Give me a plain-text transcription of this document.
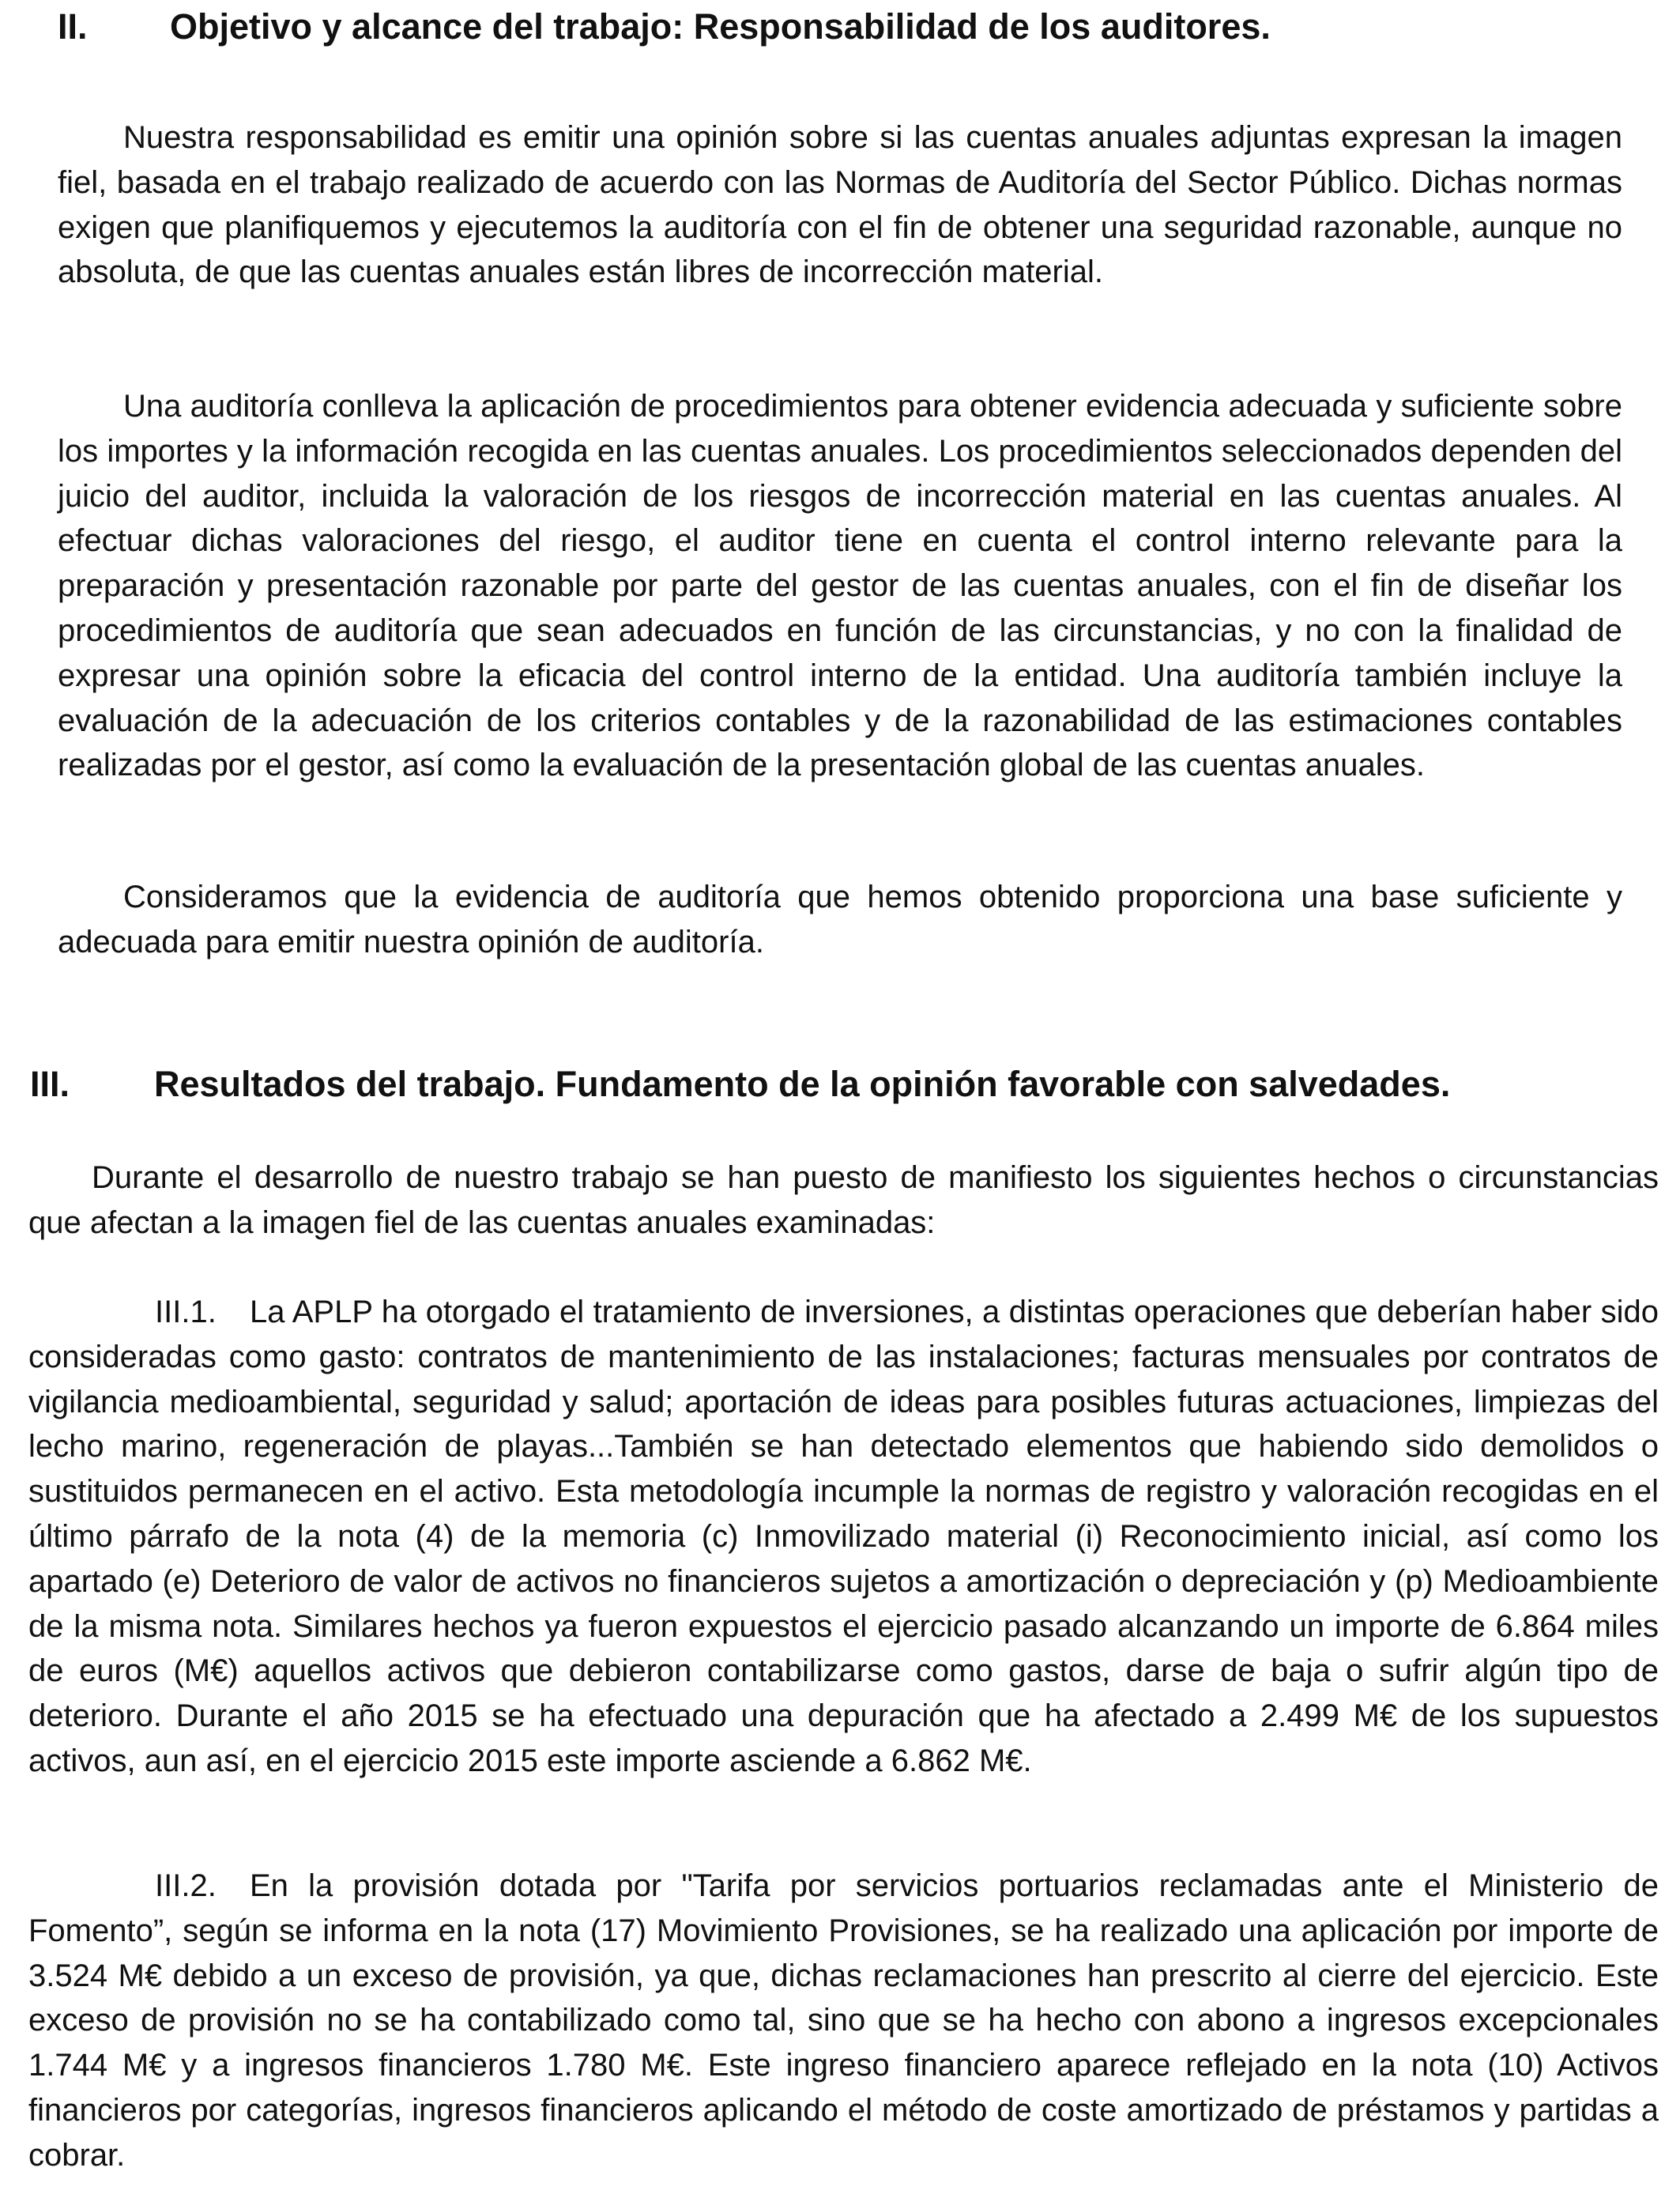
II. Objetivo y alcance del trabajo: Responsabilidad de los auditores.

Nuestra responsabilidad es emitir una opinión sobre si las cuentas anuales adjuntas expresan la imagen fiel, basada en el trabajo realizado de acuerdo con las Normas de Auditoría del Sector Público. Dichas normas exigen que planifiquemos y ejecutemos la auditoría con el fin de obtener una seguridad razonable, aunque no absoluta, de que las cuentas anuales están libres de incorrección material.

Una auditoría conlleva la aplicación de procedimientos para obtener evidencia adecuada y suficiente sobre los importes y la información recogida en las cuentas anuales. Los procedimientos seleccionados dependen del juicio del auditor, incluida la valoración de los riesgos de incorrección material en las cuentas anuales. Al efectuar dichas valoraciones del riesgo, el auditor tiene en cuenta el control interno relevante para la preparación y presentación razonable por parte del gestor de las cuentas anuales, con el fin de diseñar los procedimientos de auditoría que sean adecuados en función de las circunstancias, y no con la finalidad de expresar una opinión sobre la eficacia del control interno de la entidad. Una auditoría también incluye la evaluación de la adecuación de los criterios contables y de la razonabilidad de las estimaciones contables realizadas por el gestor, así como la evaluación de la presentación global de las cuentas anuales.

Consideramos que la evidencia de auditoría que hemos obtenido proporciona una base suficiente y adecuada para emitir nuestra opinión de auditoría.

III. Resultados del trabajo. Fundamento de la opinión favorable con salvedades.

Durante el desarrollo de nuestro trabajo se han puesto de manifiesto los siguientes hechos o circunstancias que afectan a la imagen fiel de las cuentas anuales examinadas:

III.1. La APLP ha otorgado el tratamiento de inversiones, a distintas operaciones que deberían haber sido consideradas como gasto: contratos de mantenimiento de las instalaciones; facturas mensuales por contratos de vigilancia medioambiental, seguridad y salud; aportación de ideas para posibles futuras actuaciones, limpiezas del lecho marino, regeneración de playas...También se han detectado elementos que habiendo sido demolidos o sustituidos permanecen en el activo. Esta metodología incumple la normas de registro y valoración recogidas en el último párrafo de la nota (4) de la memoria (c) Inmovilizado material (i) Reconocimiento inicial, así como los apartado (e) Deterioro de valor de activos no financieros sujetos a amortización o depreciación y (p) Medioambiente de la misma nota. Similares hechos ya fueron expuestos el ejercicio pasado alcanzando un importe de 6.864 miles de euros (M€) aquellos activos que debieron contabilizarse como gastos, darse de baja o sufrir algún tipo de deterioro. Durante el año 2015 se ha efectuado una depuración que ha afectado a 2.499 M€ de los supuestos activos, aun así, en el ejercicio 2015 este importe asciende a 6.862 M€.

III.2. En la provisión dotada por "Tarifa por servicios portuarios reclamadas ante el Ministerio de Fomento”, según se informa en la nota (17) Movimiento Provisiones, se ha realizado una aplicación por importe de 3.524 M€ debido a un exceso de provisión, ya que, dichas reclamaciones han prescrito al cierre del ejercicio. Este exceso de provisión no se ha contabilizado como tal, sino que se ha hecho con abono a ingresos excepcionales 1.744 M€ y a ingresos financieros 1.780 M€. Este ingreso financiero aparece reflejado en la nota (10) Activos financieros por categorías, ingresos financieros aplicando el método de coste amortizado de préstamos y partidas a cobrar.
